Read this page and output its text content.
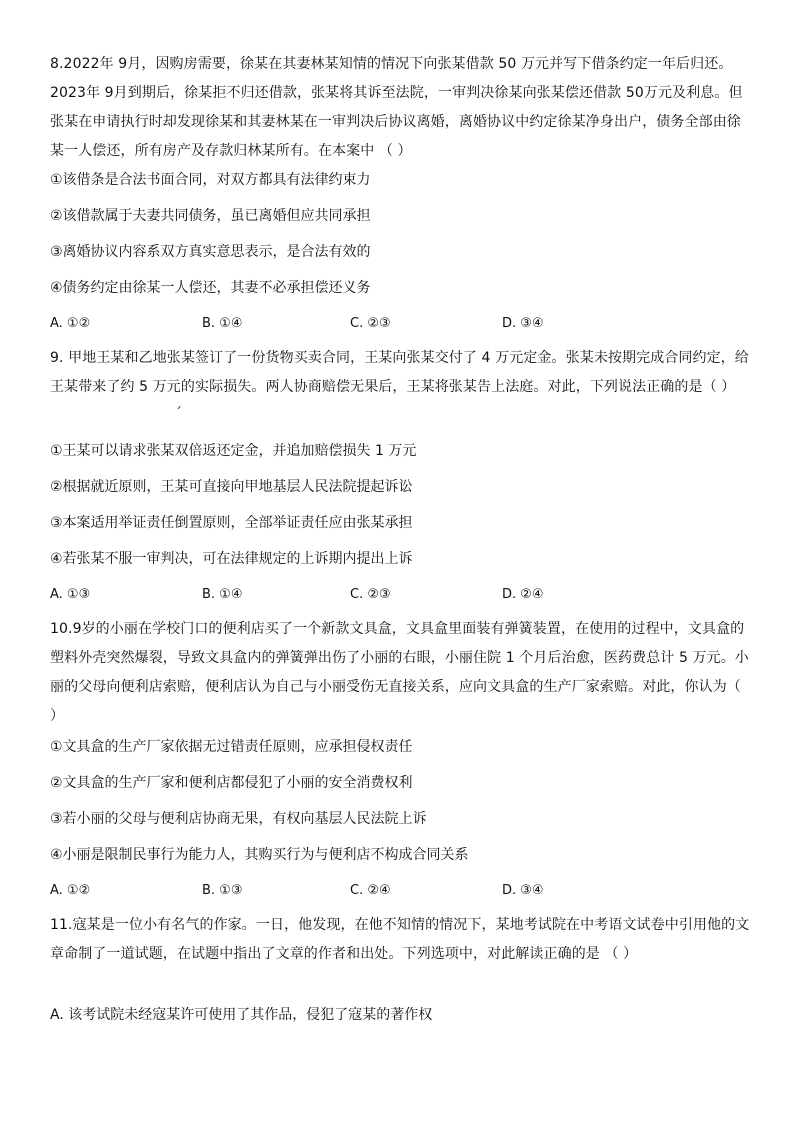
8.2022年 9月，因购房需要，徐某在其妻林某知情的情况下向张某借款 50 万元并写下借条约定一年后归还。2023年 9月到期后，徐某拒不归还借款，张某将其诉至法院，一审判决徐某向张某偿还借款 50万元及利息。但张某在申请执行时却发现徐某和其妻林某在一审判决后协议离婚，离婚协议中约定徐某净身出户，债务全部由徐某一人偿还，所有房产及存款归林某所有。在本案中 （ ）
①该借条是合法书面合同，对双方都具有法律约束力
②该借款属于夫妻共同债务，虽已离婚但应共同承担
③离婚协议内容系双方真实意思表示，是合法有效的
④债务约定由徐某一人偿还，其妻不必承担偿还义务
A. ①②	B. ①④	C. ②③	D. ③④
9. 甲地王某和乙地张某签订了一份货物买卖合同，王某向张某交付了 4 万元定金。张某未按期完成合同约定，给王某带来了约 5 万元的实际损失。两人协商赔偿无果后，王某将张某告上法庭。对此，下列说法正确的是（ ）
ˊ
①王某可以请求张某双倍返还定金，并追加赔偿损失 1 万元
②根据就近原则，王某可直接向甲地基层人民法院提起诉讼
③本案适用举证责任倒置原则，全部举证责任应由张某承担
④若张某不服一审判决，可在法律规定的上诉期内提出上诉
A. ①③	B. ①④	C. ②③	D. ②④
10.9岁的小丽在学校门口的便利店买了一个新款文具盒，文具盒里面装有弹簧装置，在使用的过程中，文具盒的塑料外壳突然爆裂，导致文具盒内的弹簧弹出伤了小丽的右眼，小丽住院 1 个月后治愈，医药费总计 5 万元。小丽的父母向便利店索赔，便利店认为自己与小丽受伤无直接关系，应向文具盒的生产厂家索赔。对此，你认为（ ）
①文具盒的生产厂家依据无过错责任原则，应承担侵权责任
②文具盒的生产厂家和便利店都侵犯了小丽的安全消费权利
③若小丽的父母与便利店协商无果，有权向基层人民法院上诉
④小丽是限制民事行为能力人，其购买行为与便利店不构成合同关系
A. ①②	B. ①③	C. ②④	D. ③④
11.寇某是一位小有名气的作家。一日，他发现，在他不知情的情况下，某地考试院在中考语文试卷中引用他的文章命制了一道试题，在试题中指出了文章的作者和出处。下列选项中，对此解读正确的是 （ ）
A. 该考试院未经寇某许可使用了其作品，侵犯了寇某的著作权
